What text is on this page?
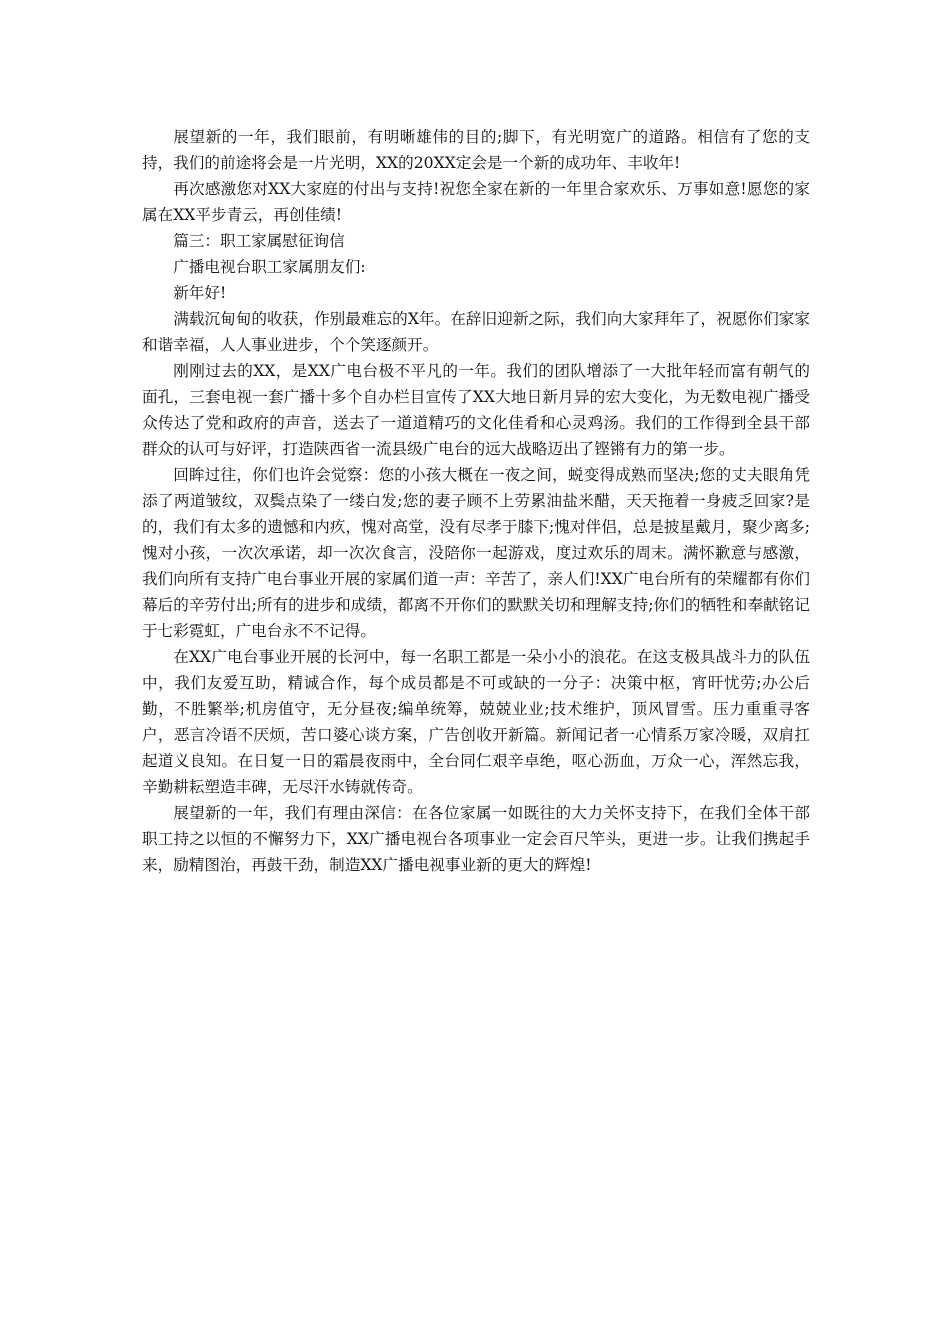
展望新的一年，我们眼前，有明晰雄伟的目的;脚下，有光明宽广的道路。相信有了您的支持，我们的前途将会是一片光明，XX的20XX定会是一个新的成功年、丰收年!

再次感激您对XX大家庭的付出与支持!祝您全家在新的一年里合家欢乐、万事如意!愿您的家属在XX平步青云，再创佳绩!

篇三：职工家属慰征询信

广播电视台职工家属朋友们:

新年好!

满载沉甸甸的收获，作别最难忘的X年。在辞旧迎新之际，我们向大家拜年了，祝愿你们家家和谐幸福，人人事业进步，个个笑逐颜开。

刚刚过去的XX，是XX广电台极不平凡的一年。我们的团队增添了一大批年轻而富有朝气的面孔，三套电视一套广播十多个自办栏目宣传了XX大地日新月异的宏大变化，为无数电视广播受众传达了党和政府的声音，送去了一道道精巧的文化佳肴和心灵鸡汤。我们的工作得到全县干部群众的认可与好评，打造陕西省一流县级广电台的远大战略迈出了铿锵有力的第一步。

回眸过往，你们也许会觉察：您的小孩大概在一夜之间，蜕变得成熟而坚决;您的丈夫眼角凭添了两道皱纹，双鬓点染了一缕白发;您的妻子顾不上劳累油盐米醋，天天拖着一身疲乏回家?是的，我们有太多的遗憾和内疚，愧对高堂，没有尽孝于膝下;愧对伴侣，总是披星戴月，聚少离多;愧对小孩，一次次承诺，却一次次食言，没陪你一起游戏，度过欢乐的周末。满怀歉意与感激，我们向所有支持广电台事业开展的家属们道一声：辛苦了，亲人们!XX广电台所有的荣耀都有你们幕后的辛劳付出;所有的进步和成绩，都离不开你们的默默关切和理解支持;你们的牺牲和奉献铭记于七彩霓虹，广电台永不不记得。

在XX广电台事业开展的长河中，每一名职工都是一朵小小的浪花。在这支极具战斗力的队伍中，我们友爱互助，精诚合作，每个成员都是不可或缺的一分子：决策中枢，宵旰忧劳;办公后勤，不胜繁举;机房值守，无分昼夜;编单统筹，兢兢业业;技术维护，顶风冒雪。压力重重寻客户，恶言冷语不厌烦，苦口婆心谈方案，广告创收开新篇。新闻记者一心情系万家冷暖，双肩扛起道义良知。在日复一日的霜晨夜雨中，全台同仁艰辛卓绝，呕心沥血，万众一心，浑然忘我，辛勤耕耘塑造丰碑，无尽汗水铸就传奇。

展望新的一年，我们有理由深信：在各位家属一如既往的大力关怀支持下，在我们全体干部职工持之以恒的不懈努力下，XX广播电视台各项事业一定会百尺竿头，更进一步。让我们携起手来，励精图治，再鼓干劲，制造XX广播电视事业新的更大的辉煌!
